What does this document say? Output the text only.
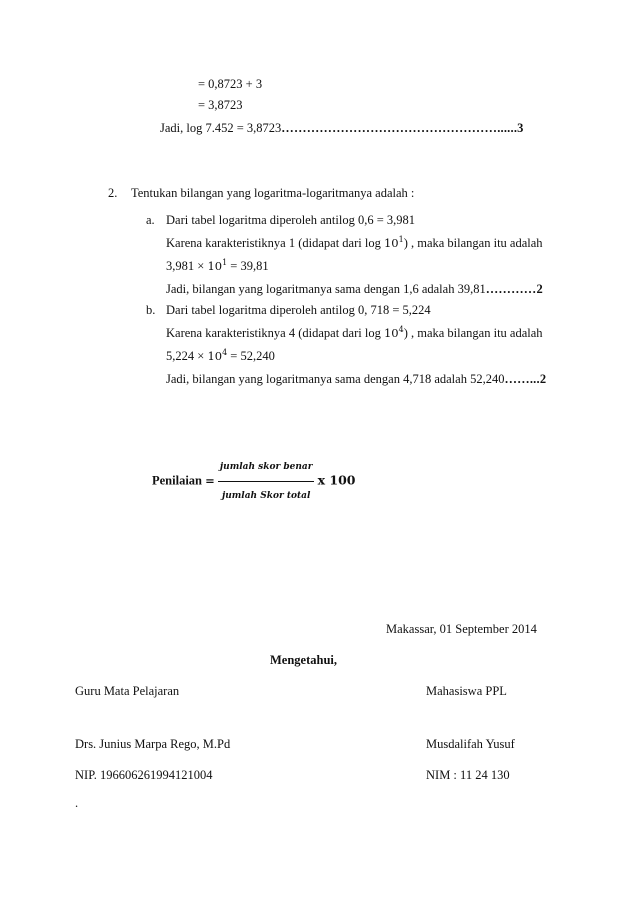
= 0,8723 + 3
= 3,8723
Jadi, log 7.452 = 3,8723……………………………………………......3
2. Tentukan bilangan yang logaritma-logaritmanya adalah :
a. Dari tabel logaritma diperoleh antilog 0,6 = 3,981
Karena karakteristiknya 1 (didapat dari $\log 10^1$) , maka bilangan itu adalah
$3,981 \times 10^1 = 39,81$
Jadi, bilangan yang logaritmanya sama dengan 1,6 adalah 39,81…………2
b. Dari tabel logaritma diperoleh antilog 0, 718 = 5,224
Karena karakteristiknya 4 (didapat dari $\log 10^4$) , maka bilangan itu adalah
$5,224 \times 10^4 = 52,240$
Jadi, bilangan yang logaritmanya sama dengan 4,718 adalah 52,240……...2
Penilaian = $\frac{\text{jumlah skor benar}}{\text{jumlah Skor total}}$ x 100
Makassar, 01 September 2014
Mengetahui,
Guru Mata Pelajaran	Mahasiswa PPL
Drs. Junius Marpa Rego, M.Pd	Musdalifah Yusuf
NIP. 196606261994121004	NIM : 11 24 130
.
